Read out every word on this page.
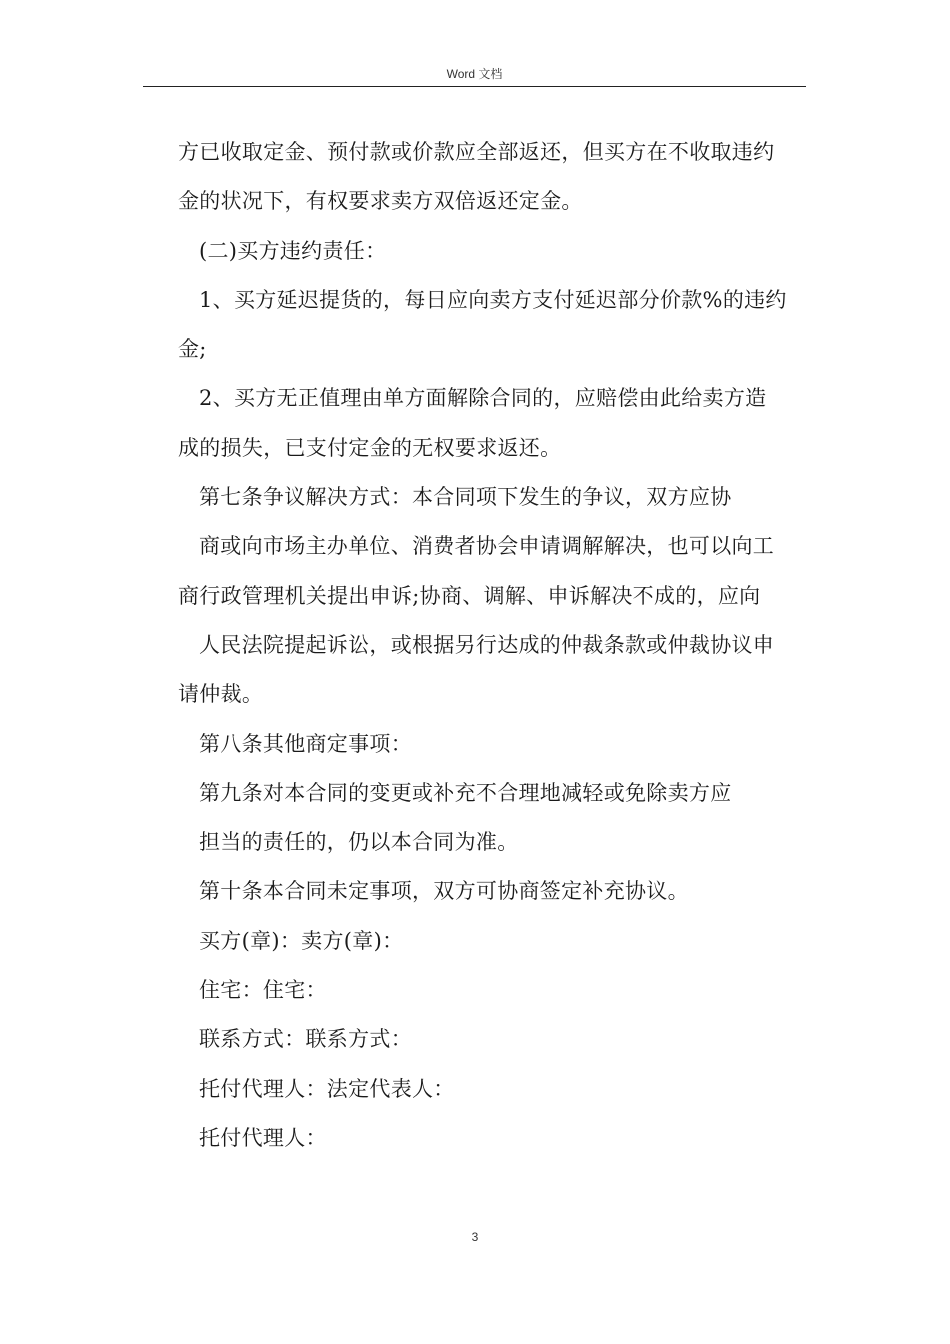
Word 文档
方已收取定金、预付款或价款应全部返还，但买方在不收取违约
金的状况下，有权要求卖方双倍返还定金。
(二)买方违约责任：
1、买方延迟提货的，每日应向卖方支付延迟部分价款%的违约
金;
2、买方无正值理由单方面解除合同的，应赔偿由此给卖方造
成的损失，已支付定金的无权要求返还。
第七条争议解决方式：本合同项下发生的争议，双方应协
商或向市场主办单位、消费者协会申请调解解决，也可以向工
商行政管理机关提出申诉;协商、调解、申诉解决不成的，应向
人民法院提起诉讼，或根据另行达成的仲裁条款或仲裁协议申
请仲裁。
第八条其他商定事项：
第九条对本合同的变更或补充不合理地减轻或免除卖方应
担当的责任的，仍以本合同为准。
第十条本合同未定事项，双方可协商签定补充协议。
买方(章)：卖方(章)：
住宅：住宅：
联系方式：联系方式：
托付代理人：法定代表人：
托付代理人：
3
